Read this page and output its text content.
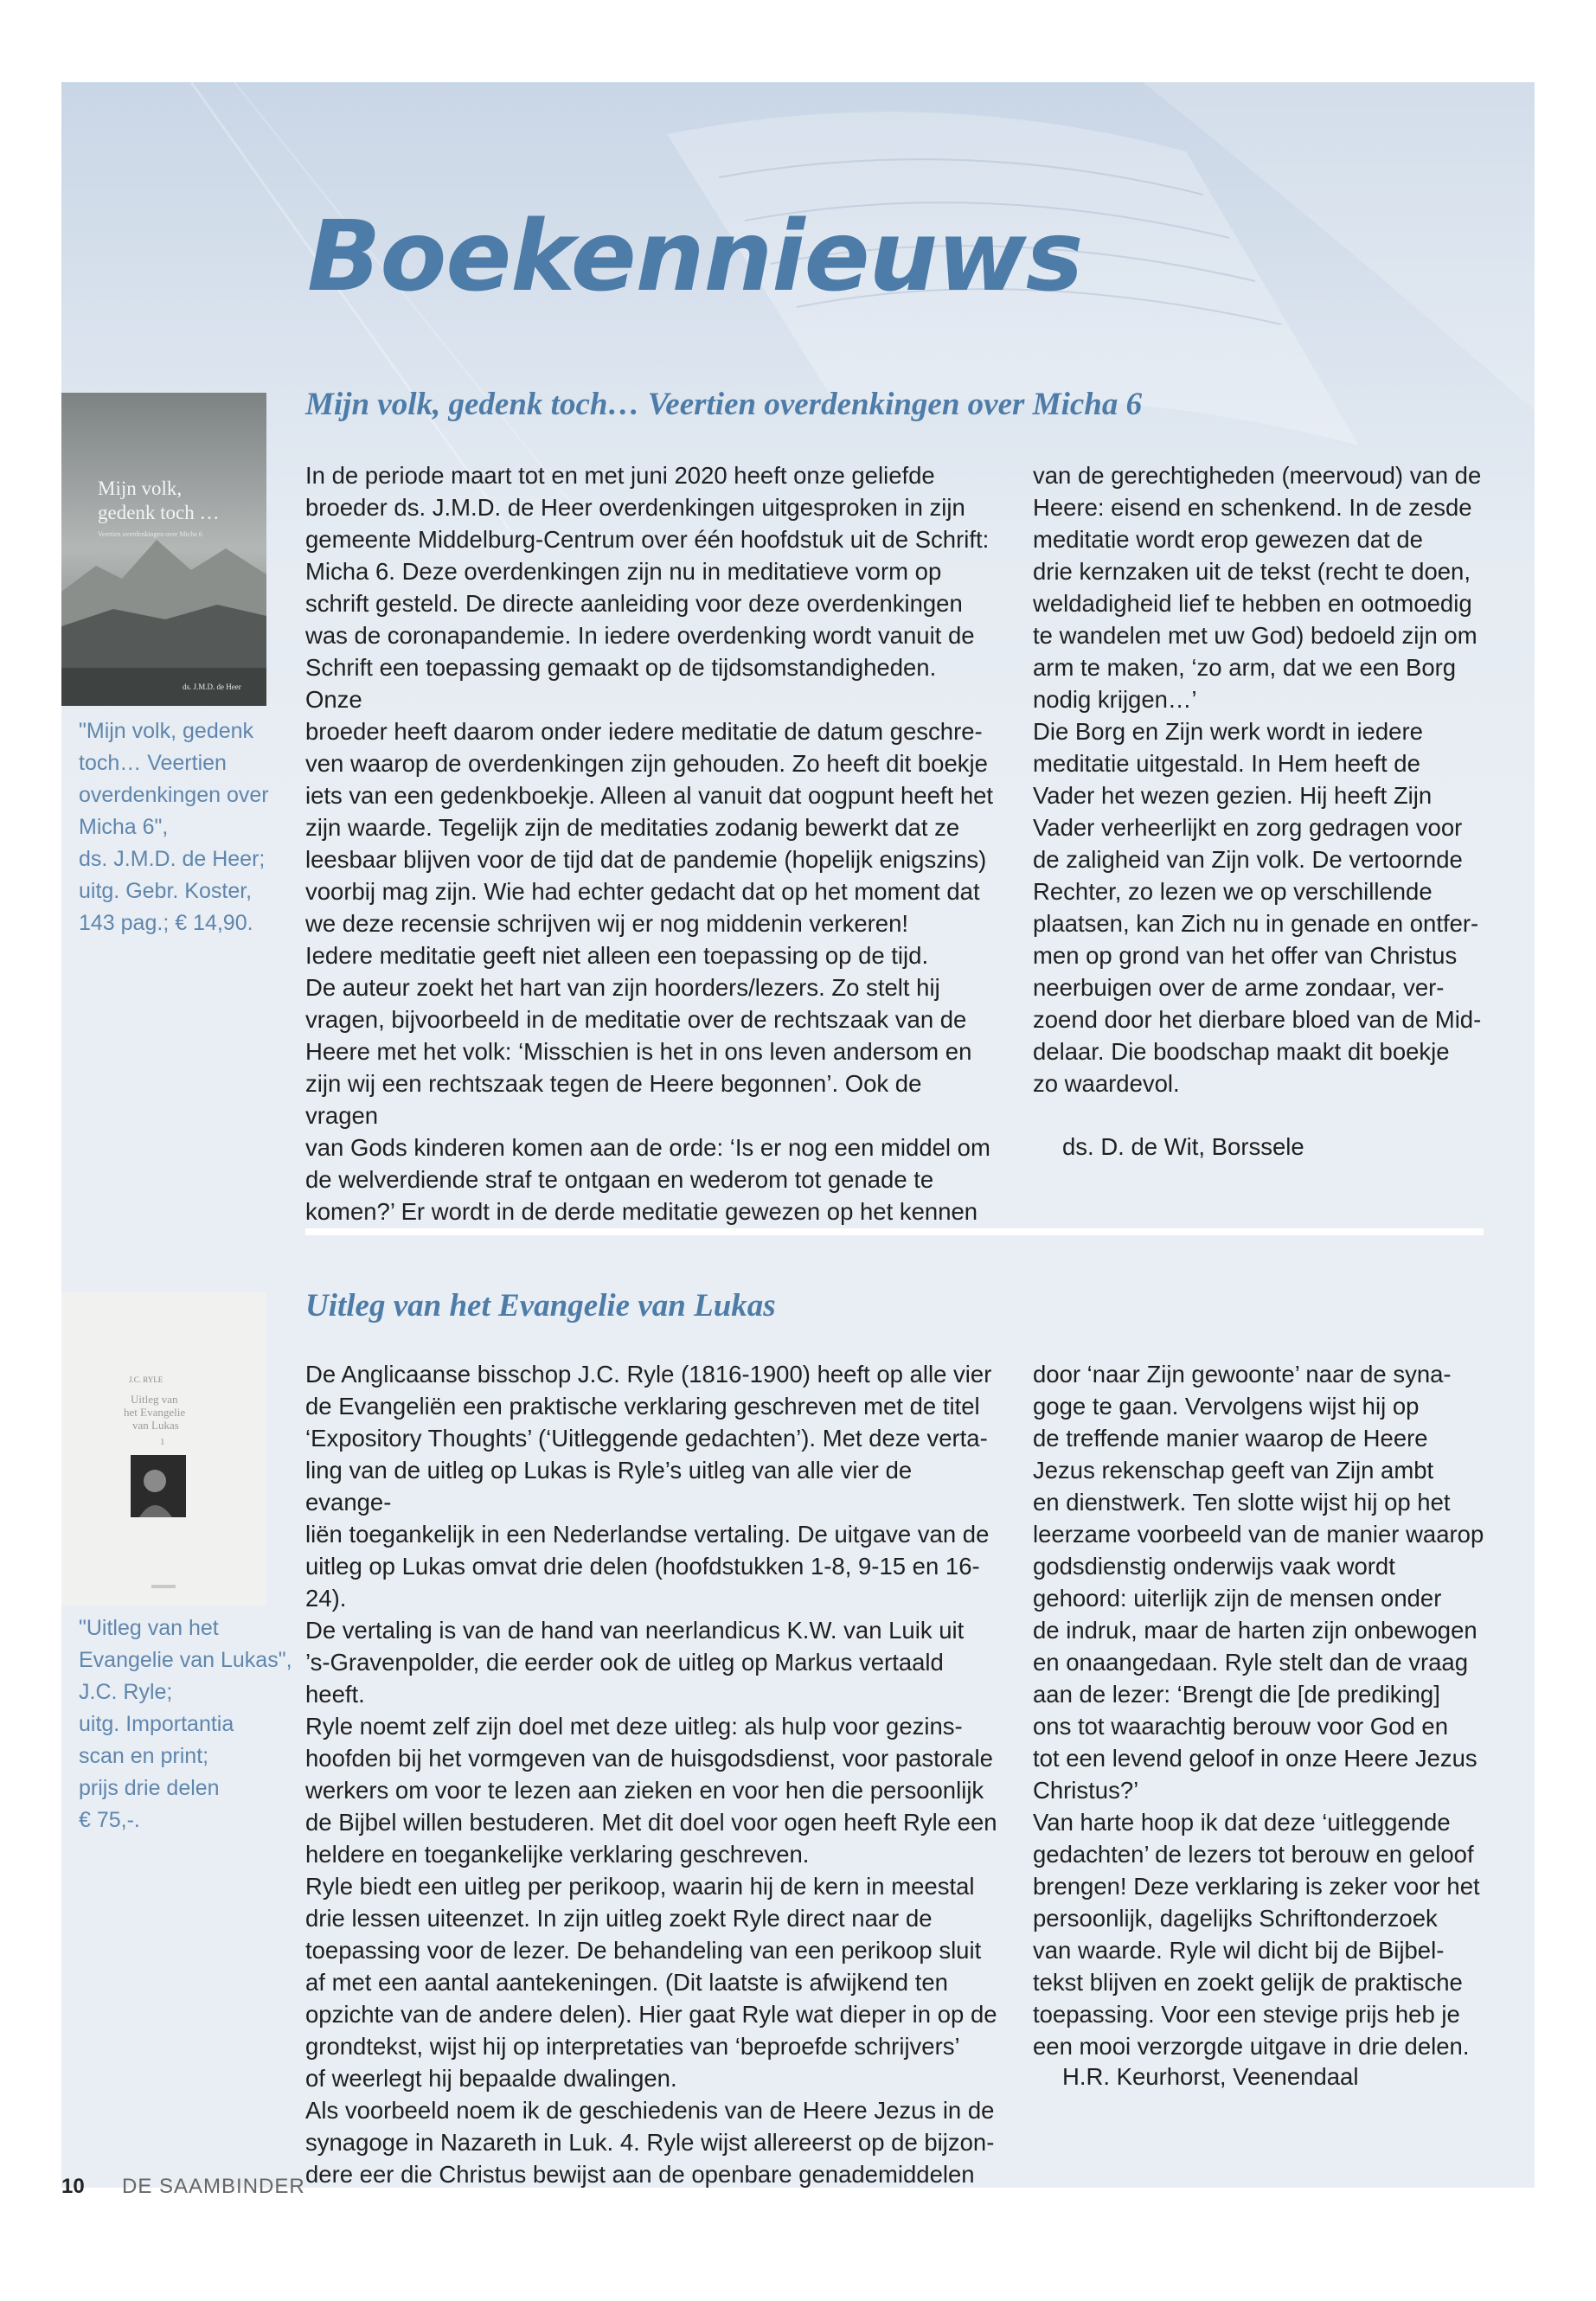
Boekennieuws
Mijn volk, gedenk toch… Veertien overdenkingen over Micha 6
Mijn volk,
gedenk toch …
Veertien overdenkingen over Micha 6
ds. J.M.D. de Heer

"Mijn volk, gedenk
toch… Veertien
overdenkingen over
Micha 6",
ds. J.M.D. de Heer;
uitg. Gebr. Koster,
143 pag.; € 14,90.

In de periode maart tot en met juni 2020 heeft onze geliefde
broeder ds. J.M.D. de Heer overdenkingen uitgesproken in zijn
gemeente Middelburg-Centrum over één hoofdstuk uit de Schrift:
Micha 6. Deze overdenkingen zijn nu in meditatieve vorm op
schrift gesteld. De directe aanleiding voor deze overdenkingen
was de coronapandemie. In iedere overdenking wordt vanuit de
Schrift een toepassing gemaakt op de tijdsomstandigheden. Onze
broeder heeft daarom onder iedere meditatie de datum geschre-
ven waarop de overdenkingen zijn gehouden. Zo heeft dit boekje
iets van een gedenkboekje. Alleen al vanuit dat oogpunt heeft het
zijn waarde. Tegelijk zijn de meditaties zodanig bewerkt dat ze
leesbaar blijven voor de tijd dat de pandemie (hopelijk enigszins)
voorbij mag zijn. Wie had echter gedacht dat op het moment dat
we deze recensie schrijven wij er nog middenin verkeren!
Iedere meditatie geeft niet alleen een toepassing op de tijd.
De auteur zoekt het hart van zijn hoorders/lezers. Zo stelt hij
vragen, bijvoorbeeld in de meditatie over de rechtszaak van de
Heere met het volk: ‘Misschien is het in ons leven andersom en
zijn wij een rechtszaak tegen de Heere begonnen’. Ook de vragen
van Gods kinderen komen aan de orde: ‘Is er nog een middel om
de welverdiende straf te ontgaan en wederom tot genade te
komen?’ Er wordt in de derde meditatie gewezen op het kennen

van de gerechtigheden (meervoud) van de
Heere: eisend en schenkend. In de zesde
meditatie wordt erop gewezen dat de
drie kernzaken uit de tekst (recht te doen,
weldadigheid lief te hebben en ootmoedig
te wandelen met uw God) bedoeld zijn om
arm te maken, ‘zo arm, dat we een Borg
nodig krijgen…’
Die Borg en Zijn werk wordt in iedere
meditatie uitgestald. In Hem heeft de
Vader het wezen gezien. Hij heeft Zijn
Vader verheerlijkt en zorg gedragen voor
de zaligheid van Zijn volk. De vertoornde
Rechter, zo lezen we op verschillende
plaatsen, kan Zich nu in genade en ontfer-
men op grond van het offer van Christus
neerbuigen over de arme zondaar, ver-
zoend door het dierbare bloed van de Mid-
delaar. Die boodschap maakt dit boekje
zo waardevol.

ds. D. de Wit, Borssele

Uitleg van het Evangelie van Lukas
J.C. RYLE
Uitleg van
het Evangelie
van Lukas
1

"Uitleg van het
Evangelie van Lukas",
J.C. Ryle;
uitg. Importantia
scan en print;
prijs drie delen
€ 75,-.

De Anglicaanse bisschop J.C. Ryle (1816-1900) heeft op alle vier
de Evangeliën een praktische verklaring geschreven met de titel
‘Expository Thoughts’ (‘Uitleggende gedachten’). Met deze verta-
ling van de uitleg op Lukas is Ryle’s uitleg van alle vier de evange-
liën toegankelijk in een Nederlandse vertaling. De uitgave van de
uitleg op Lukas omvat drie delen (hoofdstukken 1-8, 9-15 en 16-24).
De vertaling is van de hand van neerlandicus K.W. van Luik uit
’s-Gravenpolder, die eerder ook de uitleg op Markus vertaald heeft.
Ryle noemt zelf zijn doel met deze uitleg: als hulp voor gezins-
hoofden bij het vormgeven van de huisgodsdienst, voor pastorale
werkers om voor te lezen aan zieken en voor hen die persoonlijk
de Bijbel willen bestuderen. Met dit doel voor ogen heeft Ryle een
heldere en toegankelijke verklaring geschreven.
Ryle biedt een uitleg per perikoop, waarin hij de kern in meestal
drie lessen uiteenzet. In zijn uitleg zoekt Ryle direct naar de
toepassing voor de lezer. De behandeling van een perikoop sluit
af met een aantal aantekeningen. (Dit laatste is afwijkend ten
opzichte van de andere delen). Hier gaat Ryle wat dieper in op de
grondtekst, wijst hij op interpretaties van ‘beproefde schrijvers’
of weerlegt hij bepaalde dwalingen.
Als voorbeeld noem ik de geschiedenis van de Heere Jezus in de
synagoge in Nazareth in Luk. 4. Ryle wijst allereerst op de bijzon-
dere eer die Christus bewijst aan de openbare genademiddelen

door ‘naar Zijn gewoonte’ naar de syna-
goge te gaan. Vervolgens wijst hij op
de treffende manier waarop de Heere
Jezus rekenschap geeft van Zijn ambt
en dienstwerk. Ten slotte wijst hij op het
leerzame voorbeeld van de manier waarop
godsdienstig onderwijs vaak wordt
gehoord: uiterlijk zijn de mensen onder
de indruk, maar de harten zijn onbewogen
en onaangedaan. Ryle stelt dan de vraag
aan de lezer: ‘Brengt die [de prediking]
ons tot waarachtig berouw voor God en
tot een levend geloof in onze Heere Jezus
Christus?’
Van harte hoop ik dat deze ‘uitleggende
gedachten’ de lezers tot berouw en geloof
brengen! Deze verklaring is zeker voor het
persoonlijk, dagelijks Schriftonderzoek
van waarde. Ryle wil dicht bij de Bijbel-
tekst blijven en zoekt gelijk de praktische
toepassing. Voor een stevige prijs heb je
een mooi verzorgde uitgave in drie delen.

H.R. Keurhorst, Veenendaal

10 DE SAAMBINDER
